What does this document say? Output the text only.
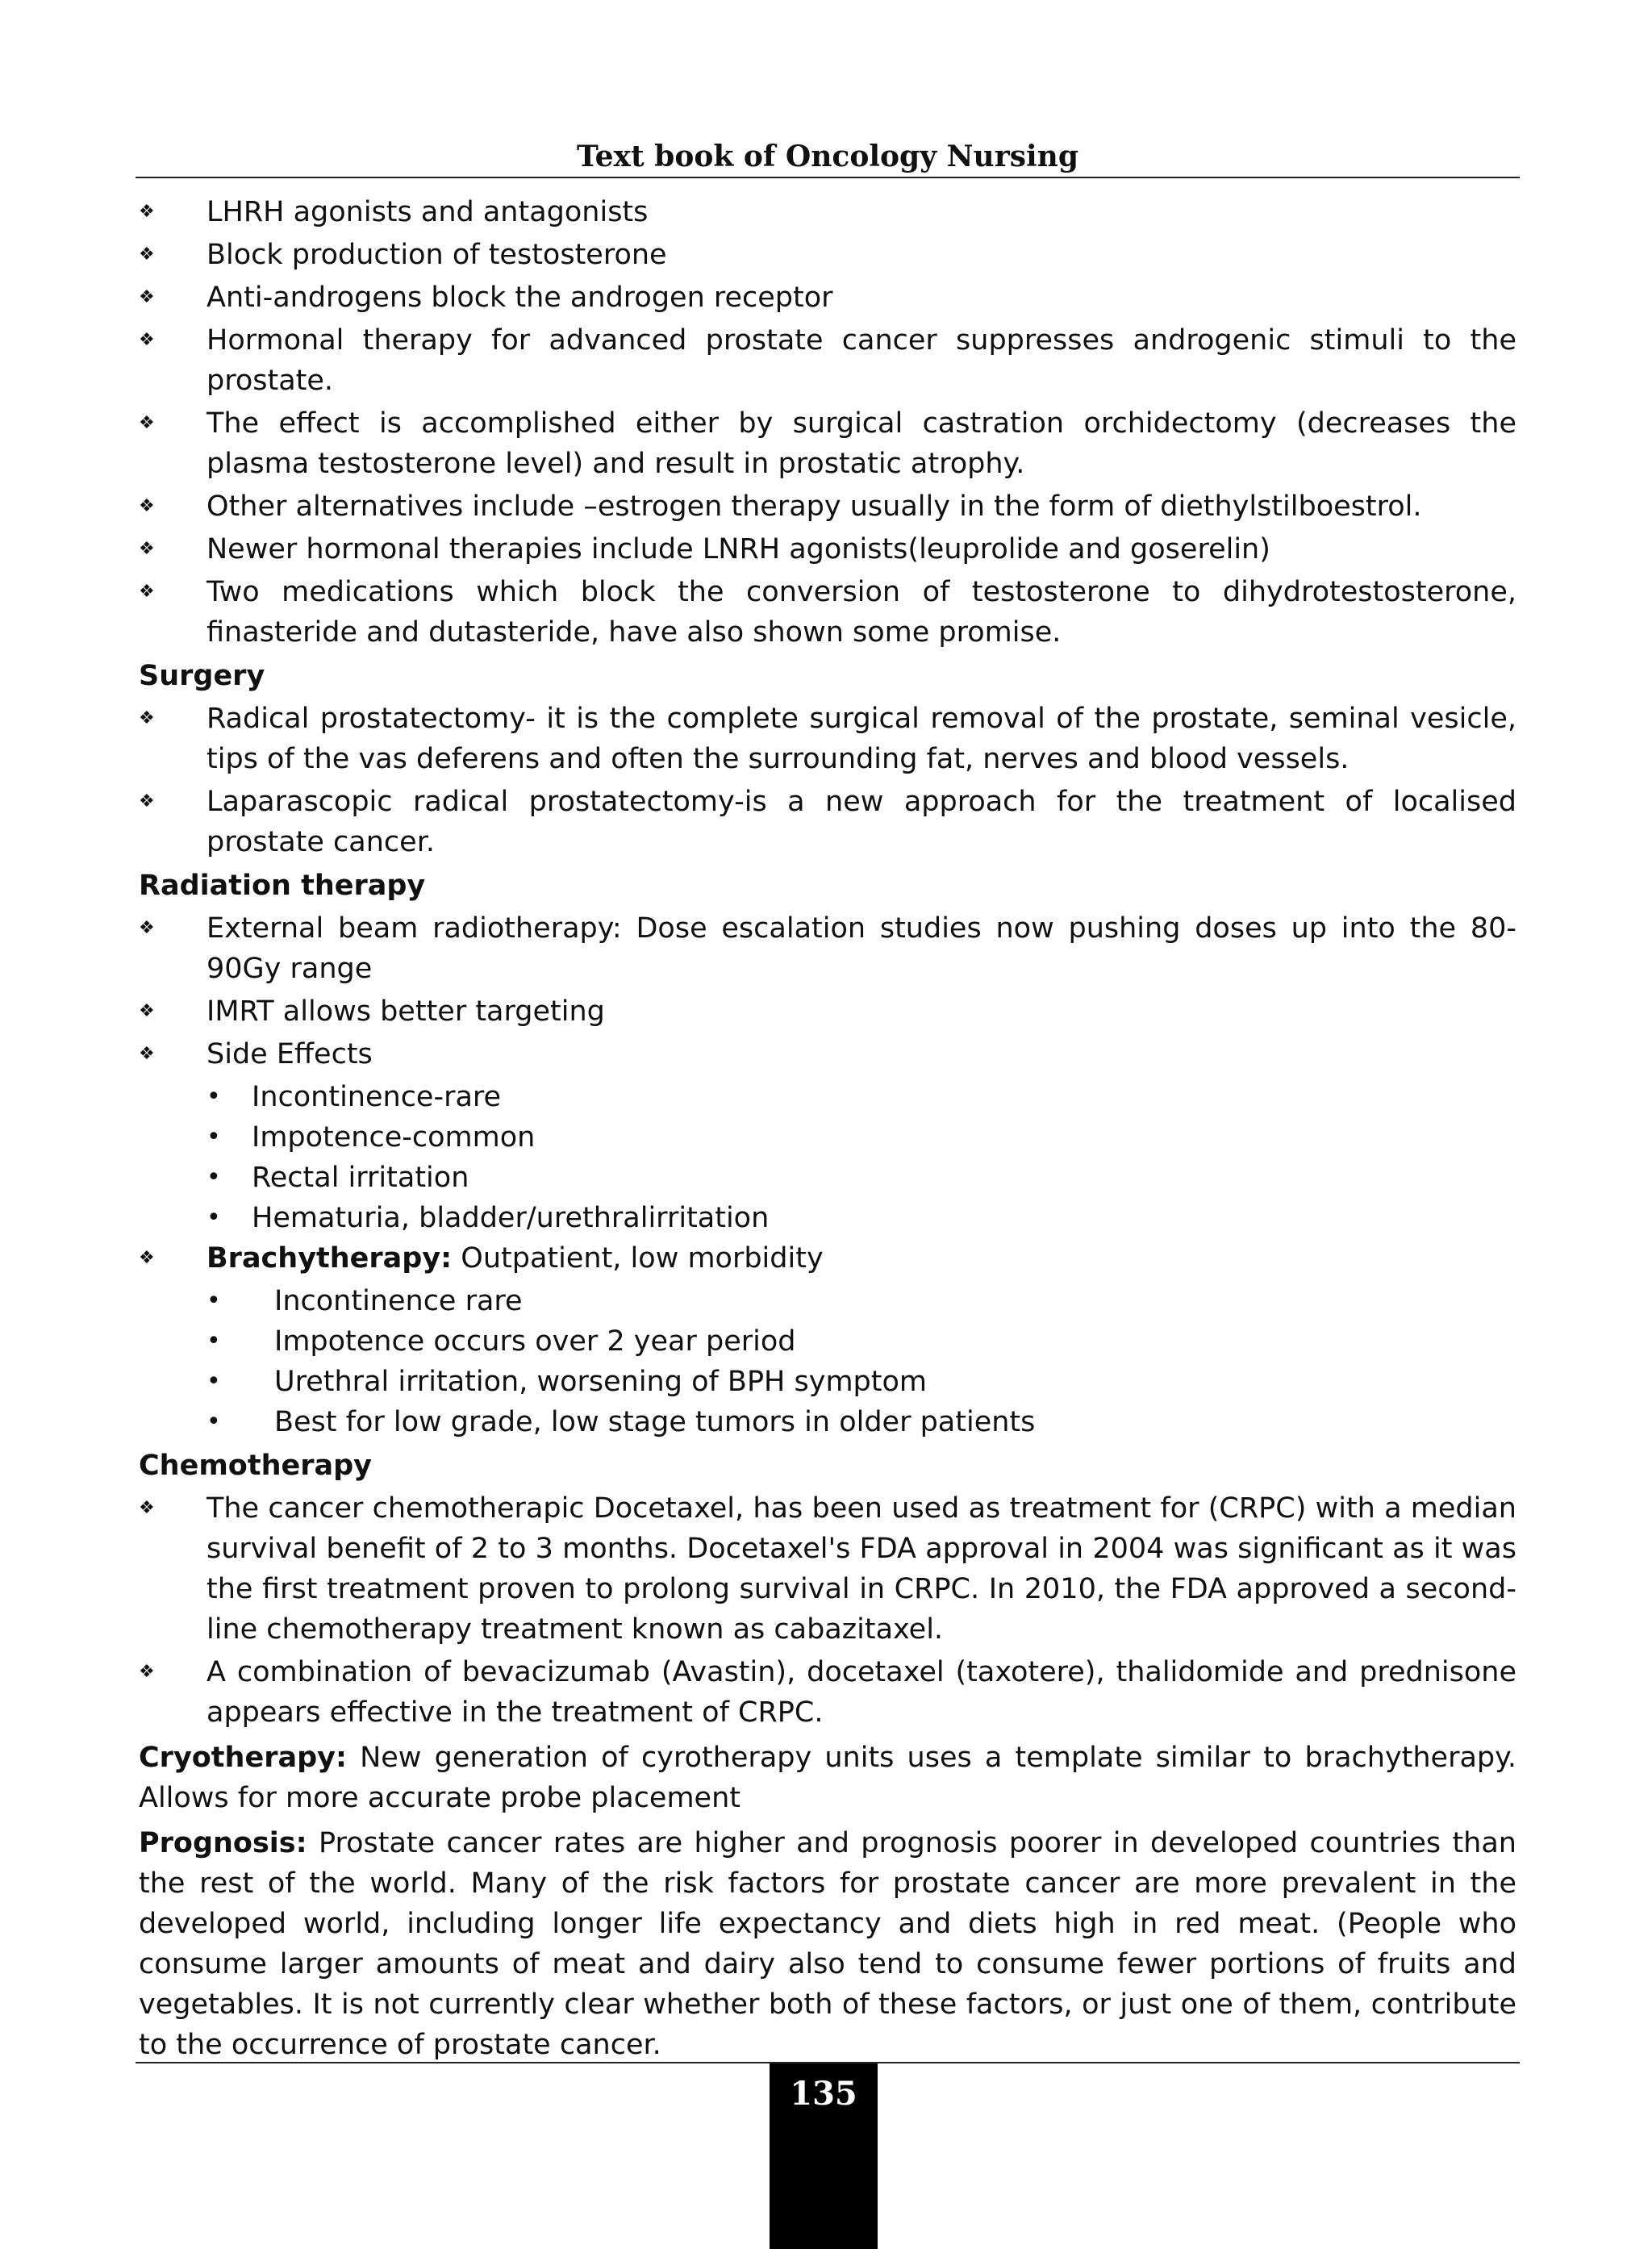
Text book of Oncology Nursing
❖	LHRH agonists and antagonists
❖	Block production of testosterone
❖	Anti-androgens block the androgen receptor
❖	Hormonal therapy for advanced prostate cancer suppresses androgenic stimuli to the prostate.
❖	The effect is accomplished either by surgical castration orchidectomy (decreases the plasma testosterone level) and result in prostatic atrophy.
❖	Other alternatives include –estrogen therapy usually in the form of diethylstilboestrol.
❖	Newer hormonal therapies include LNRH agonists(leuprolide and goserelin)
❖	Two medications which block the conversion of testosterone to dihydrotestosterone, finasteride and dutasteride, have also shown some promise.
Surgery
❖	Radical prostatectomy- it is the complete surgical removal of the prostate, seminal vesicle, tips of the vas deferens and often the surrounding fat, nerves and blood vessels.
❖	Laparascopic radical prostatectomy-is a new approach for the treatment of localised prostate cancer.
Radiation therapy
❖	External beam radiotherapy: Dose escalation studies now pushing doses up into the 80-90Gy range
❖	IMRT allows better targeting
❖	Side Effects
•	Incontinence-rare
•	Impotence-common
•	Rectal irritation
•	Hematuria, bladder/urethralirritation
❖	Brachytherapy: Outpatient, low morbidity
•	Incontinence rare
•	Impotence occurs over 2 year period
•	Urethral irritation, worsening of BPH symptom
•	Best for low grade, low stage tumors in older patients
Chemotherapy
❖	The cancer chemotherapic Docetaxel, has been used as treatment for (CRPC) with a median survival benefit of 2 to 3 months. Docetaxel's FDA approval in 2004 was significant as it was the first treatment proven to prolong survival in CRPC. In 2010, the FDA approved a second-line chemotherapy treatment known as cabazitaxel.
❖	A combination of bevacizumab (Avastin), docetaxel (taxotere), thalidomide and prednisone appears effective in the treatment of CRPC.
Cryotherapy: New generation of cyrotherapy units uses a template similar to brachytherapy. Allows for more accurate probe placement
Prognosis: Prostate cancer rates are higher and prognosis poorer in developed countries than the rest of the world. Many of the risk factors for prostate cancer are more prevalent in the developed world, including longer life expectancy and diets high in red meat. (People who consume larger amounts of meat and dairy also tend to consume fewer portions of fruits and vegetables. It is not currently clear whether both of these factors, or just one of them, contribute to the occurrence of prostate cancer.
135
